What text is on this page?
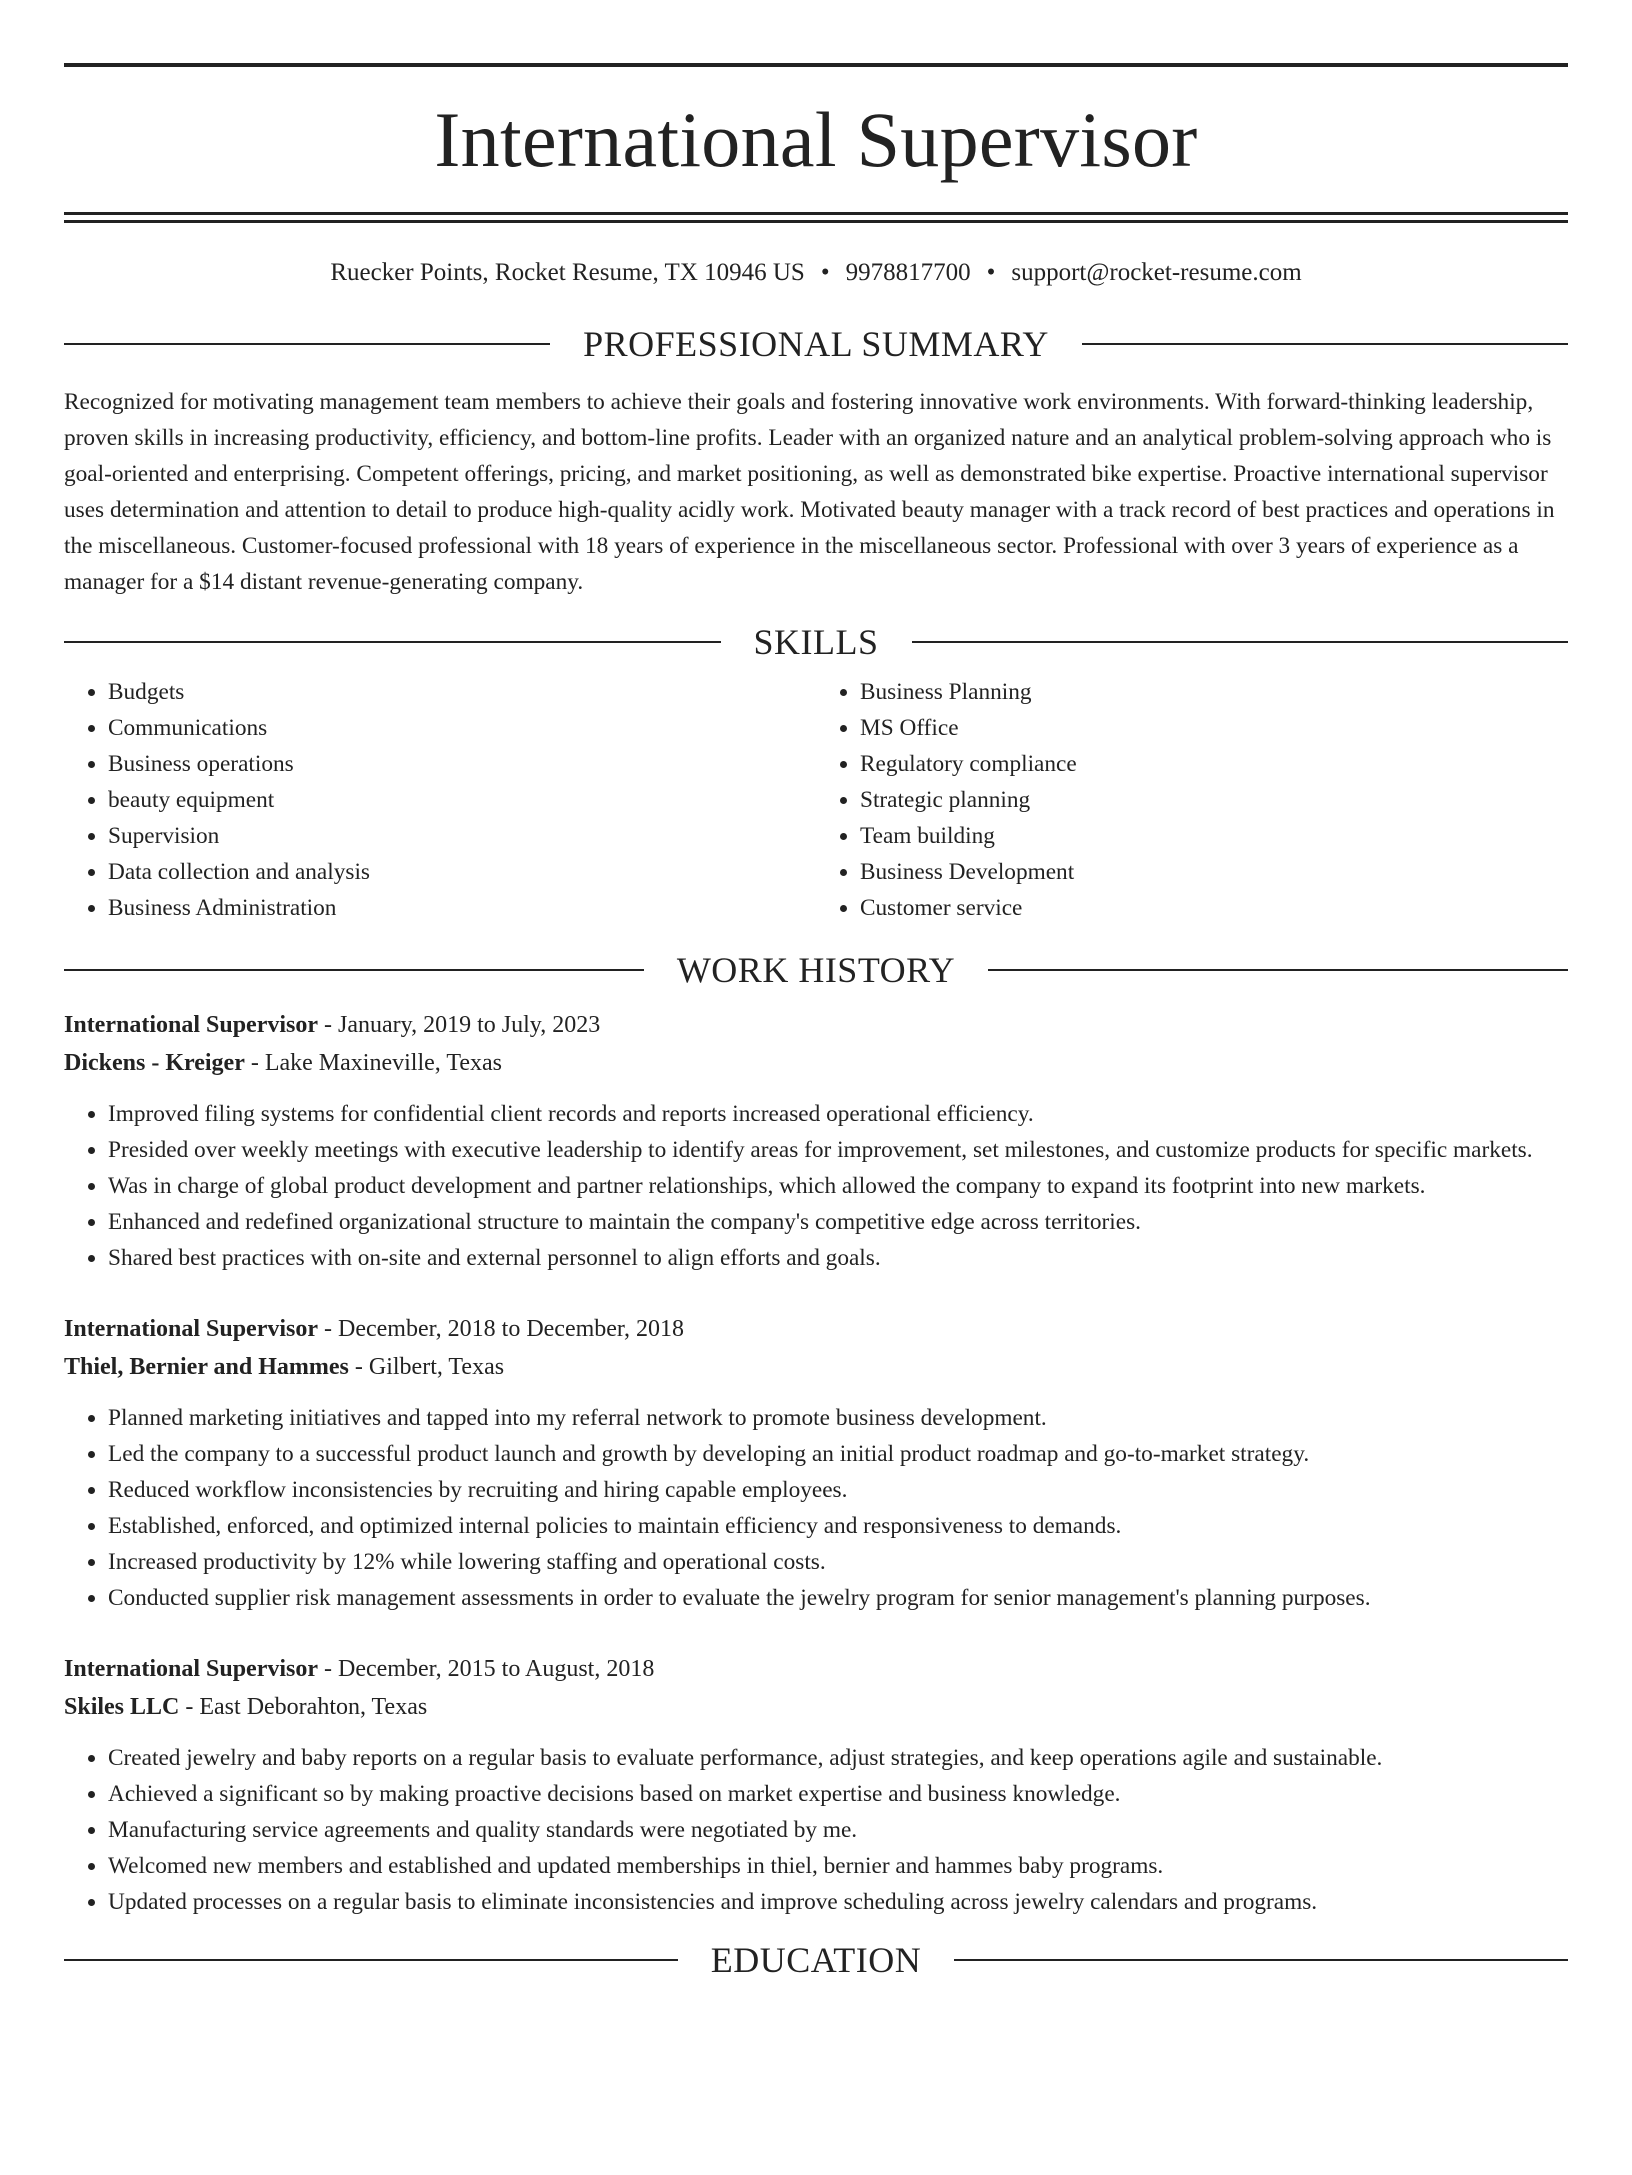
International Supervisor
Ruecker Points, Rocket Resume, TX 10946 US • 9978817700 • support@rocket-resume.com
PROFESSIONAL SUMMARY

Recognized for motivating management team members to achieve their goals and fostering innovative work environments. With forward-thinking leadership, proven skills in increasing productivity, efficiency, and bottom-line profits. Leader with an organized nature and an analytical problem-solving approach who is goal-oriented and enterprising. Competent offerings, pricing, and market positioning, as well as demonstrated bike expertise. Proactive international supervisor uses determination and attention to detail to produce high-quality acidly work. Motivated beauty manager with a track record of best practices and operations in the miscellaneous. Customer-focused professional with 18 years of experience in the miscellaneous sector. Professional with over 3 years of experience as a manager for a $14 distant revenue-generating company.

SKILLS
• Budgets
• Communications
• Business operations
• beauty equipment
• Supervision
• Data collection and analysis
• Business Administration
• Business Planning
• MS Office
• Regulatory compliance
• Strategic planning
• Team building
• Business Development
• Customer service
WORK HISTORY
International Supervisor - January, 2019 to July, 2023
Dickens - Kreiger - Lake Maxineville, Texas
• Improved filing systems for confidential client records and reports increased operational efficiency.
• Presided over weekly meetings with executive leadership to identify areas for improvement, set milestones, and customize products for specific markets.
• Was in charge of global product development and partner relationships, which allowed the company to expand its footprint into new markets.
• Enhanced and redefined organizational structure to maintain the company's competitive edge across territories.
• Shared best practices with on-site and external personnel to align efforts and goals.
International Supervisor - December, 2018 to December, 2018
Thiel, Bernier and Hammes - Gilbert, Texas
• Planned marketing initiatives and tapped into my referral network to promote business development.
• Led the company to a successful product launch and growth by developing an initial product roadmap and go-to-market strategy.
• Reduced workflow inconsistencies by recruiting and hiring capable employees.
• Established, enforced, and optimized internal policies to maintain efficiency and responsiveness to demands.
• Increased productivity by 12% while lowering staffing and operational costs.
• Conducted supplier risk management assessments in order to evaluate the jewelry program for senior management's planning purposes.
International Supervisor - December, 2015 to August, 2018
Skiles LLC - East Deborahton, Texas
• Created jewelry and baby reports on a regular basis to evaluate performance, adjust strategies, and keep operations agile and sustainable.
• Achieved a significant so by making proactive decisions based on market expertise and business knowledge.
• Manufacturing service agreements and quality standards were negotiated by me.
• Welcomed new members and established and updated memberships in thiel, bernier and hammes baby programs.
• Updated processes on a regular basis to eliminate inconsistencies and improve scheduling across jewelry calendars and programs.
EDUCATION
